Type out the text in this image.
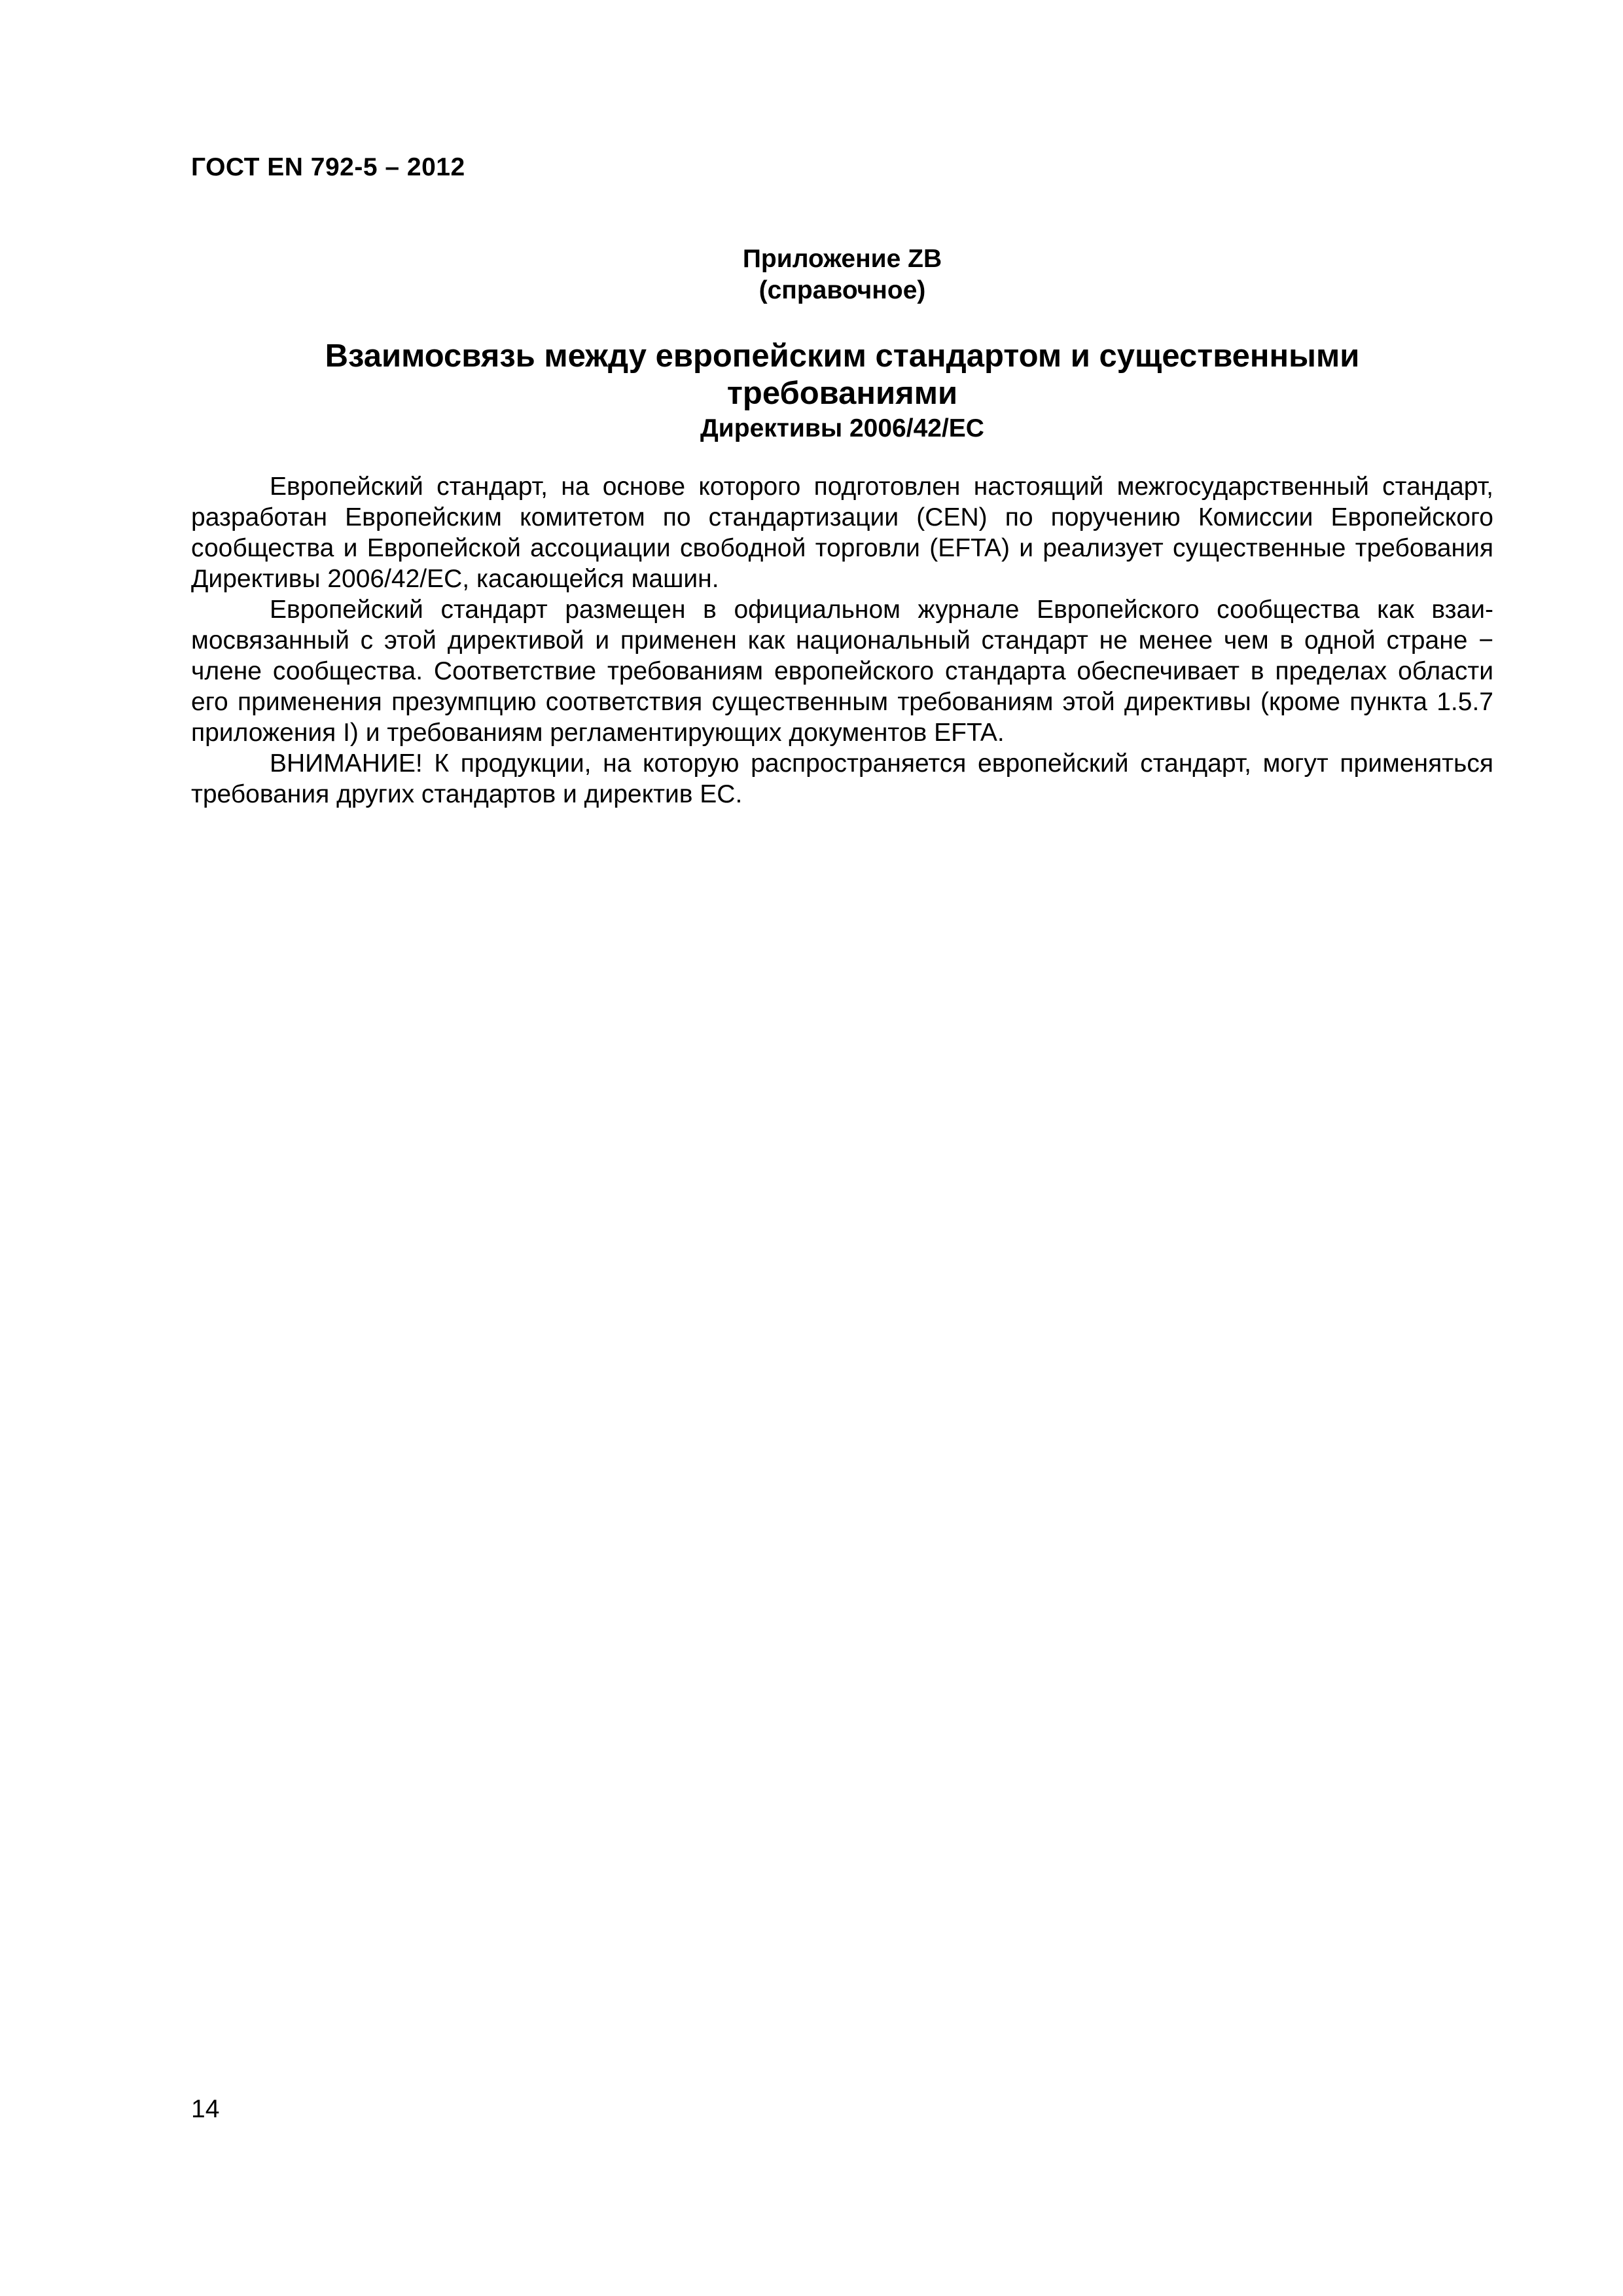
ГОСТ EN 792-5 – 2012
Приложение ZB
(справочное)
Взаимосвязь между европейским стандартом и существенными
требованиями
Директивы 2006/42/ЕС

Европейский стандарт, на основе которого подготовлен настоящий межгосударственный стандарт, разработан Европейским комитетом по стандартизации (CEN) по поручению Комиссии Европейского сообщества и Европейской ассоциации свободной торговли (EFTA) и реализует существенные требования Директивы 2006/42/ЕС, касающейся машин.

Европейский стандарт размещен в официальном журнале Европейского сообщества как взаимосвязанный с этой директивой и применен как национальный стандарт не менее чем в одной стране − члене сообщества. Соответствие требованиям европейского стандарта обеспечивает в пределах области его применения презумпцию соответствия существенным требованиям этой директивы (кроме пункта 1.5.7 приложения I) и требованиям регламентирующих документов EFTA.

ВНИМАНИЕ! К продукции, на которую распространяется европейский стандарт, могут применяться требования других стандартов и директив ЕС.

14
